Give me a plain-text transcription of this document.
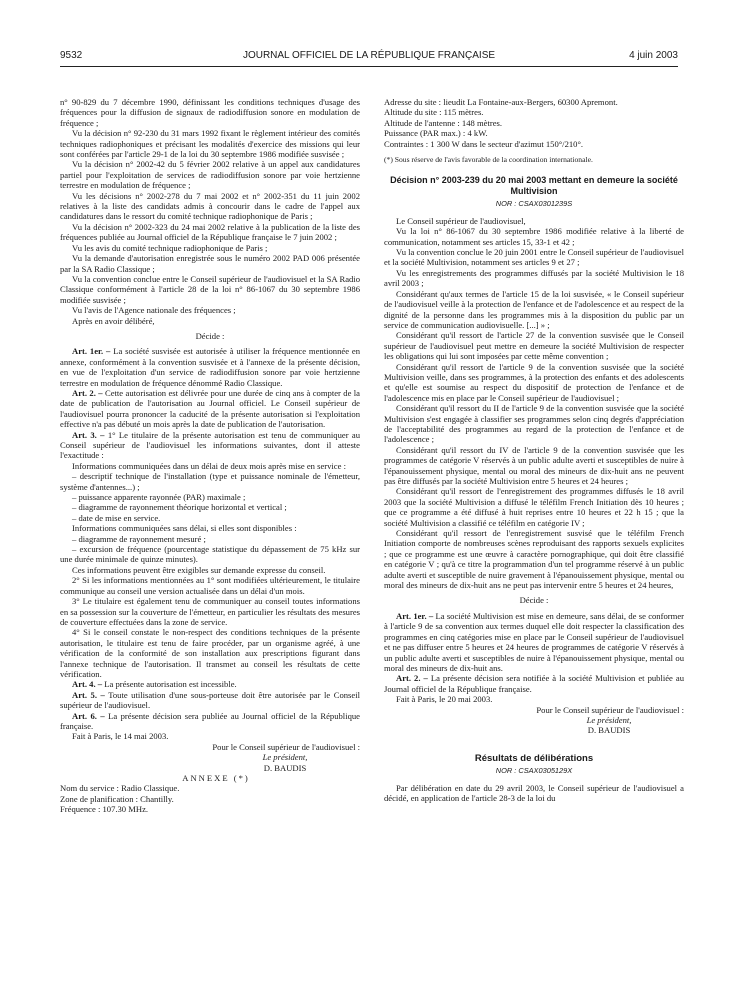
9532	JOURNAL OFFICIEL DE LA RÉPUBLIQUE FRANÇAISE	4 juin 2003

n° 90-829 du 7 décembre 1990, définissant les conditions techniques d'usage des fréquences pour la diffusion de signaux de radiodiffusion sonore en modulation de fréquence ;

Vu la décision n° 92-230 du 31 mars 1992 fixant le règlement intérieur des comités techniques radiophoniques et précisant les modalités d'exercice des missions qui leur sont conférées par l'article 29-1 de la loi du 30 septembre 1986 modifiée susvisée ;

Vu la décision n° 2002-42 du 5 février 2002 relative à un appel aux candidatures partiel pour l'exploitation de services de radiodiffusion sonore par voie hertzienne terrestre en modulation de fréquence ;

Vu les décisions n° 2002-278 du 7 mai 2002 et n° 2002-351 du 11 juin 2002 relatives à la liste des candidats admis à concourir dans le cadre de l'appel aux candidatures dans le ressort du comité technique radiophonique de Paris ;

Vu la décision n° 2002-323 du 24 mai 2002 relative à la publication de la liste des fréquences publiée au Journal officiel de la République française le 7 juin 2002 ;

Vu les avis du comité technique radiophonique de Paris ;

Vu la demande d'autorisation enregistrée sous le numéro 2002 PAD 006 présentée par la SA Radio Classique ;

Vu la convention conclue entre le Conseil supérieur de l'audiovisuel et la SA Radio Classique conformément à l'article 28 de la loi n° 86-1067 du 30 septembre 1986 modifiée susvisée ;

Vu l'avis de l'Agence nationale des fréquences ;

Après en avoir délibéré,

Décide :

Art. 1er. – La société susvisée est autorisée à utiliser la fréquence mentionnée en annexe, conformément à la convention susvisée et à l'annexe de la présente décision, en vue de l'exploitation d'un service de radiodiffusion sonore par voie hertzienne terrestre en modulation de fréquence dénommé Radio Classique.

Art. 2. – Cette autorisation est délivrée pour une durée de cinq ans à compter de la date de publication de l'autorisation au Journal officiel. Le Conseil supérieur de l'audiovisuel pourra prononcer la caducité de la présente autorisation si l'exploitation effective n'a pas débuté un mois après la date de publication de l'autorisation.

Art. 3. – 1° Le titulaire de la présente autorisation est tenu de communiquer au Conseil supérieur de l'audiovisuel les informations suivantes, dont il atteste l'exactitude :

Informations communiquées dans un délai de deux mois après mise en service :

– descriptif technique de l'installation (type et puissance nominale de l'émetteur, système d'antennes...) ;

– puissance apparente rayonnée (PAR) maximale ;

– diagramme de rayonnement théorique horizontal et vertical ;

– date de mise en service.

Informations communiquées sans délai, si elles sont disponibles :

– diagramme de rayonnement mesuré ;

– excursion de fréquence (pourcentage statistique du dépassement de 75 kHz sur une durée minimale de quinze minutes).

Ces informations peuvent être exigibles sur demande expresse du conseil.

2° Si les informations mentionnées au 1° sont modifiées ultérieurement, le titulaire communique au conseil une version actualisée dans un délai d'un mois.

3° Le titulaire est également tenu de communiquer au conseil toutes informations en sa possession sur la couverture de l'émetteur, en particulier les résultats des mesures de couverture effectuées dans la zone de service.

4° Si le conseil constate le non-respect des conditions techniques de la présente autorisation, le titulaire est tenu de faire procéder, par un organisme agréé, à une vérification de la conformité de son installation aux prescriptions figurant dans l'annexe technique de l'autorisation. Il transmet au conseil les résultats de cette vérification.

Art. 4. – La présente autorisation est incessible.

Art. 5. – Toute utilisation d'une sous-porteuse doit être autorisée par le Conseil supérieur de l'audiovisuel.

Art. 6. – La présente décision sera publiée au Journal officiel de la République française.

Fait à Paris, le 14 mai 2003.

Pour le Conseil supérieur de l'audiovisuel :

Le président,

D. BAUDIS

ANNEXE (*)

Nom du service : Radio Classique.

Zone de planification : Chantilly.

Fréquence : 107.30 MHz.

Adresse du site : lieudit La Fontaine-aux-Bergers, 60300 Apremont.

Altitude du site : 115 mètres.

Altitude de l'antenne : 148 mètres.

Puissance (PAR max.) : 4 kW.

Contraintes : 1 300 W dans le secteur d'azimut 150°/210°.

(*) Sous réserve de l'avis favorable de la coordination internationale.

Décision n° 2003-239 du 20 mai 2003 mettant en demeure la société Multivision
NOR : CSAX0301239S

Le Conseil supérieur de l'audiovisuel,

Vu la loi n° 86-1067 du 30 septembre 1986 modifiée relative à la liberté de communication, notamment ses articles 15, 33-1 et 42 ;

Vu la convention conclue le 20 juin 2001 entre le Conseil supérieur de l'audiovisuel et la société Multivision, notamment ses articles 9 et 27 ;

Vu les enregistrements des programmes diffusés par la société Multivision le 18 avril 2003 ;

Considérant qu'aux termes de l'article 15 de la loi susvisée, « le Conseil supérieur de l'audiovisuel veille à la protection de l'enfance et de l'adolescence et au respect de la dignité de la personne dans les programmes mis à la disposition du public par un service de communication audiovisuelle. [...] » ;

Considérant qu'il ressort de l'article 27 de la convention susvisée que le Conseil supérieur de l'audiovisuel peut mettre en demeure la société Multivision de respecter les obligations qui lui sont imposées par cette même convention ;

Considérant qu'il ressort de l'article 9 de la convention susvisée que la société Multivision veille, dans ses programmes, à la protection des enfants et des adolescents et qu'elle est soumise au respect du dispositif de protection de l'enfance et de l'adolescence mis en place par le Conseil supérieur de l'audiovisuel ;

Considérant qu'il ressort du II de l'article 9 de la convention susvisée que la société Multivision s'est engagée à classifier ses programmes selon cinq degrés d'appréciation de l'acceptabilité des programmes au regard de la protection de l'enfance et de l'adolescence ;

Considérant qu'il ressort du IV de l'article 9 de la convention susvisée que les programmes de catégorie V réservés à un public adulte averti et susceptibles de nuire à l'épanouissement physique, mental ou moral des mineurs de dix-huit ans ne peuvent pas être diffusés par la société Multivision entre 5 heures et 24 heures ;

Considérant qu'il ressort de l'enregistrement des programmes diffusés le 18 avril 2003 que la société Multivision a diffusé le téléfilm French Initiation dès 10 heures ; que ce programme a été diffusé à huit reprises entre 10 heures et 22 h 15 ; que la société Multivision a classifié ce téléfilm en catégorie IV ;

Considérant qu'il ressort de l'enregistrement susvisé que le téléfilm French Initiation comporte de nombreuses scènes reproduisant des rapports sexuels explicites ; que ce programme est une œuvre à caractère pornographique, qui doit être classifié en catégorie V ; qu'à ce titre la programmation d'un tel programme réservé à un public adulte averti et susceptible de nuire gravement à l'épanouissement physique, mental ou moral des mineurs de dix-huit ans ne peut pas intervenir entre 5 heures et 24 heures,

Décide :

Art. 1er. – La société Multivision est mise en demeure, sans délai, de se conformer à l'article 9 de sa convention aux termes duquel elle doit respecter la classification des programmes en cinq catégories mise en place par le Conseil supérieur de l'audiovisuel et ne pas diffuser entre 5 heures et 24 heures de programmes de catégorie V réservés à un public adulte averti et susceptibles de nuire à l'épanouissement physique, mental ou moral des mineurs de dix-huit ans.

Art. 2. – La présente décision sera notifiée à la société Multivision et publiée au Journal officiel de la République française.

Fait à Paris, le 20 mai 2003.

Pour le Conseil supérieur de l'audiovisuel :

Le président,

D. BAUDIS

Résultats de délibérations
NOR : CSAX0305129X

Par délibération en date du 29 avril 2003, le Conseil supérieur de l'audiovisuel a décidé, en application de l'article 28-3 de la loi du
